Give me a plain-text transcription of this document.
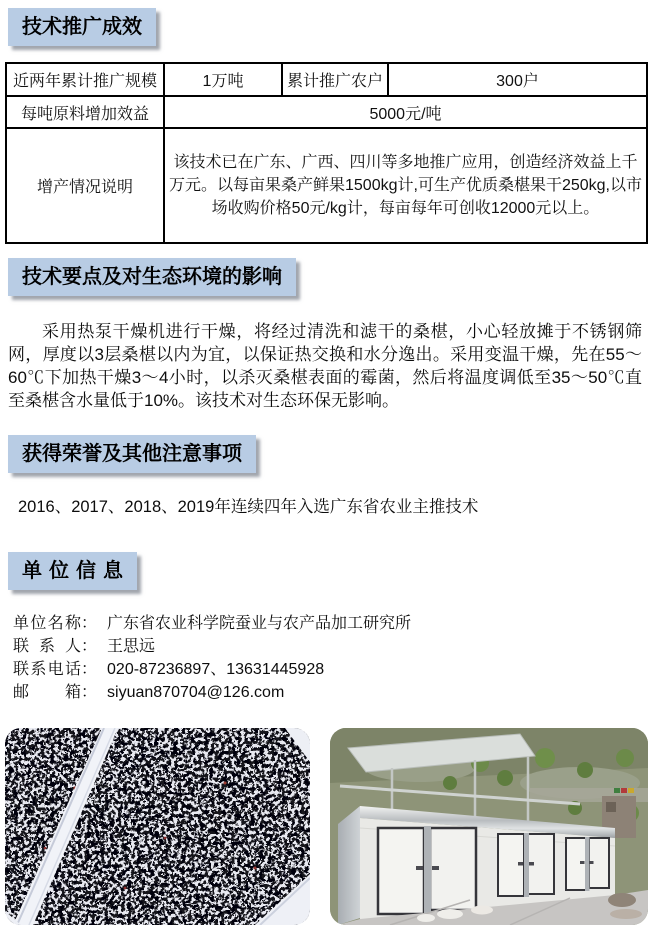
技术推广成效
近两年累计推广规模	1万吨	累计推广农户	300户
每吨原料增加效益	5000元/吨		
增产情况说明	该技术已在广东、广西、四川等多地推广应用，创造经济效益上千万元。以每亩果桑产鲜果1500kg计,可生产优质桑椹果干250kg,以市场收购价格50元/kg计，每亩每年可创收12000元以上。		
技术要点及对生态环境的影响
采用热泵干燥机进行干燥，将经过清洗和滤干的桑椹，小心轻放摊于不锈钢筛网，厚度以3层桑椹以内为宜，以保证热交换和水分逸出。采用变温干燥，先在55～60℃下加热干燥3～4小时，以杀灭桑椹表面的霉菌，然后将温度调低至35～50℃直至桑椹含水量低于10%。该技术对生态环保无影响。
获得荣誉及其他注意事项
2016、2017、2018、2019年连续四年入选广东省农业主推技术
单位信息
单位名称： 广东省农业科学院蚕业与农产品加工研究所
联系人： 王思远
联系电话： 020-87236897、13631445928
邮箱： siyuan870704@126.com
